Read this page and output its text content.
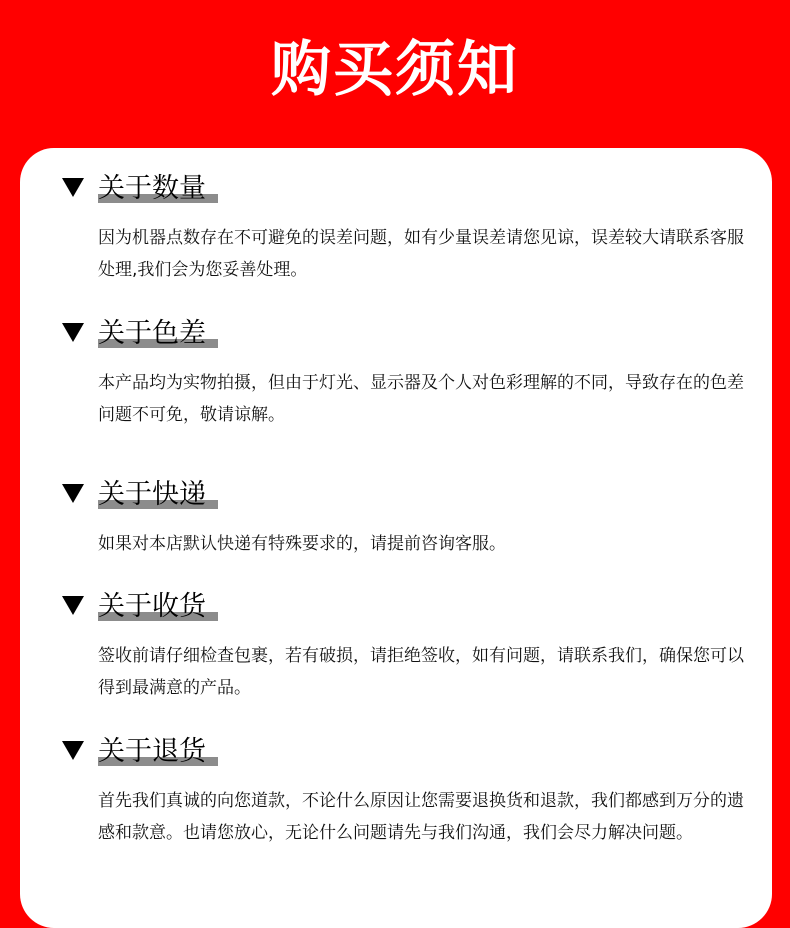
购买须知
关于数量
因为机器点数存在不可避免的误差问题，如有少量误差请您见谅，误差较大请联系客服处理,我们会为您妥善处理。
关于色差
本产品均为实物拍摄，但由于灯光、显示器及个人对色彩理解的不同，导致存在的色差问题不可免，敬请谅解。
关于快递
如果对本店默认快递有特殊要求的，请提前咨询客服。
关于收货
签收前请仔细检查包裹，若有破损，请拒绝签收，如有问题，请联系我们，确保您可以得到最满意的产品。
关于退货
首先我们真诚的向您道款，不论什么原因让您需要退换货和退款，我们都感到万分的遗感和款意。也请您放心，无论什么问题请先与我们沟通，我们会尽力解决问题。
